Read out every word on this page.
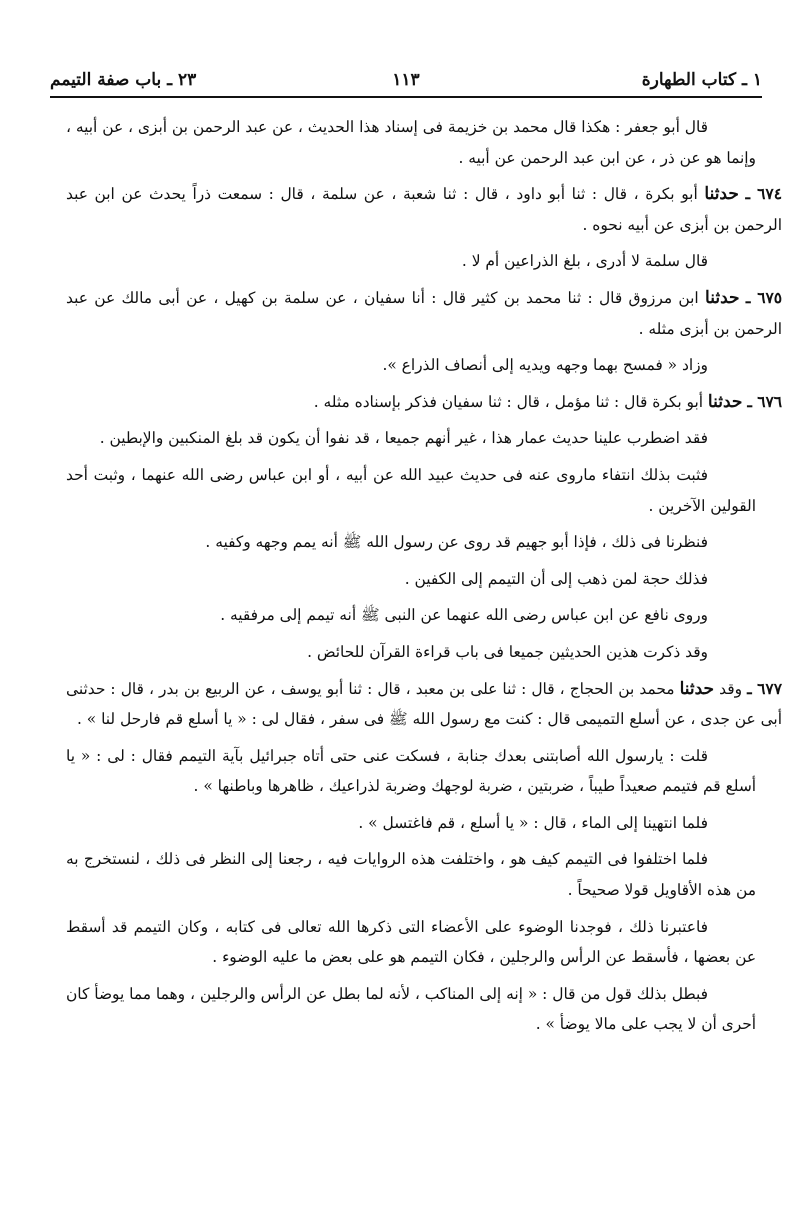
١ ـ كتاب الطهارة
١١٣
٢٣ ـ باب صفة التيمم

قال أبو جعفر : هكذا قال محمد بن خزيمة فى إسناد هذا الحديث ، عن عبد الرحمن بن أبزى ، عن أبيه ، وإنما هو عن ذر ، عن ابن عبد الرحمن عن أبيه .

٦٧٤ ـ حدثنا أبو بكرة ، قال : ثنا أبو داود ، قال : ثنا شعبة ، عن سلمة ، قال : سمعت ذراً يحدث عن ابن عبد الرحمن بن أبزى عن أبيه نحوه .

قال سلمة لا أدرى ، بلغ الذراعين أم لا .

٦٧٥ ـ حدثنا ابن مرزوق قال : ثنا محمد بن كثير قال : أنا سفيان ، عن سلمة بن كهيل ، عن أبى مالك عن عبد الرحمن بن أبزى مثله .

وزاد « فمسح بهما وجهه ويديه إلى أنصاف الذراع ».

٦٧٦ ـ حدثنا أبو بكرة قال : ثنا مؤمل ، قال : ثنا سفيان فذكر بإسناده مثله .

فقد اضطرب علينا حديث عمار هذا ، غير أنهم جميعا ، قد نفوا أن يكون قد بلغ المنكبين والإبطين .

فثبت بذلك انتفاء ماروى عنه فى حديث عبيد الله عن أبيه ، أو ابن عباس رضى الله عنهما ، وثبت أحد القولين الآخرين .

فنظرنا فى ذلك ، فإذا أبو جهيم قد روى عن رسول الله ﷺ أنه يمم وجهه وكفيه .

فذلك حجة لمن ذهب إلى أن التيمم إلى الكفين .

وروى نافع عن ابن عباس رضى الله عنهما عن النبى ﷺ أنه تيمم إلى مرفقيه .

وقد ذكرت هذين الحديثين جميعا فى باب قراءة القرآن للحائض .

٦٧٧ ـ وقد حدثنا محمد بن الحجاج ، قال : ثنا على بن معبد ، قال : ثنا أبو يوسف ، عن الربيع بن بدر ، قال : حدثنى أبى عن جدى ، عن أسلع التميمى قال : كنت مع رسول الله ﷺ فى سفر ، فقال لى : « يا أسلع قم فارحل لنا » .

قلت : يارسول الله أصابتنى بعدك جنابة ، فسكت عنى حتى أتاه جبرائيل بآية التيمم فقال : لى : « يا أسلع قم فتيمم صعيداً طيباً ، ضربتين ، ضربة لوجهك وضربة لذراعيك ، ظاهرها وباطنها » .

فلما انتهينا إلى الماء ، قال : « يا أسلع ، قم فاغتسل » .

فلما اختلفوا فى التيمم كيف هو ، واختلفت هذه الروايات فيه ، رجعنا إلى النظر فى ذلك ، لنستخرج به من هذه الأقاويل قولا صحيحاً .

فاعتبرنا ذلك ، فوجدنا الوضوء على الأعضاء التى ذكرها الله تعالى فى كتابه ، وكان التيمم قد أسقط عن بعضها ، فأسقط عن الرأس والرجلين ، فكان التيمم هو على بعض ما عليه الوضوء .

فبطل بذلك قول من قال : « إنه إلى المناكب ، لأنه لما بطل عن الرأس والرجلين ، وهما مما يوضأ كان أحرى أن لا يجب على مالا يوضأ » .
